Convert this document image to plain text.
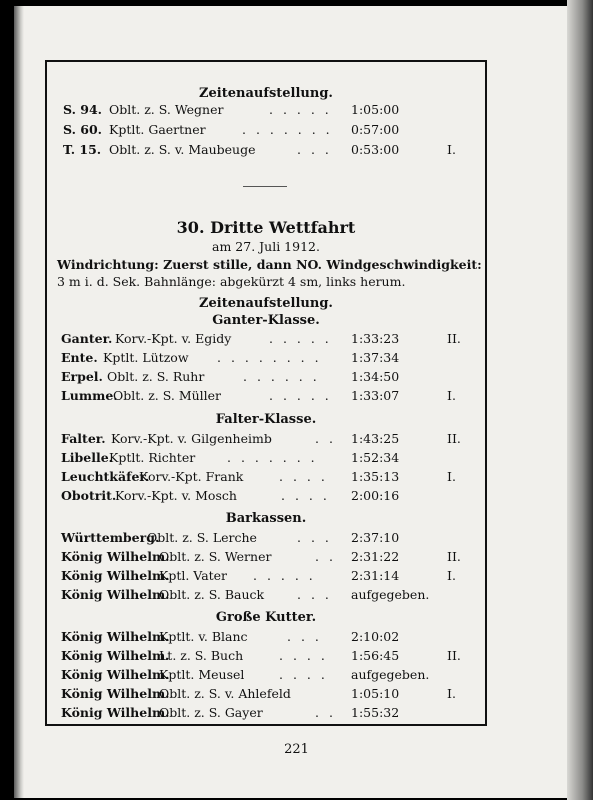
Zeitenaufstellung.
S. 94. Oblt. z. S. Wegner	. . . . . 1:05:00
S. 60. Kptlt. Gaertner	. . . . . . . 0:57:00
T. 15. Oblt. z. S. v. Maubeuge	. . . 0:53:00	I.
30. Dritte Wettfahrt
am 27. Juli 1912.
Windrichtung: Zuerst stille, dann NO. Windgeschwindigkeit:
3 m i. d. Sek. Bahnlänge: abgekürzt 4 sm, links herum.
Zeitenaufstellung.
Ganter-Klasse.
Ganter. Korv.-Kpt. v. Egidy	. . . . . 1:33:23	II.
Ente. Kptlt. Lützow . . . . . . . . 1:37:34
Erpel. Oblt. z. S. Ruhr	. . . . . .	1:34:50
Lumme.
Oblt. z. S. Müller	. . . . . 1:33:07	I.
Falter-Klasse.
Falter. Korv.-Kpt. v. Gilgenheimb	. . 1:43:25	II.
Libelle.
Kptlt. Richter	. . . . . . .	1:52:34
Leuchtkäfer.
Korv.-Kpt. Frank	. . . . 1:35:13	I.
Obotrit.
Korv.-Kpt. v. Mosch	. . . . 2:00:16
Barkassen.
Württemberg.
Oblt. z. S. Lerche	. . . 2:37:10
König Wilhelm.
Oblt. z. S. Werner	. . 2:31:22	II.
König Wilhelm.
Kptl. Vater . . . . .	2:31:14	I.
König Wilhelm.
Oblt. z. S. Bauck	. . . aufgegeben.
Große Kutter.
König Wilhelm.
Kptlt. v. Blanc	. . . 2:10:02
König Wilhelm.
Lt. z. S. Buch	. . . . 1:56:45	II.
König Wilhelm.
Kptlt. Meusel	. . . . aufgegeben.
König Wilhelm.
Oblt. z. S. v. Ahlefeld	1:05:10	I.
König Wilhelm.
Oblt. z. S. Gayer	. . 1:55:32
221
